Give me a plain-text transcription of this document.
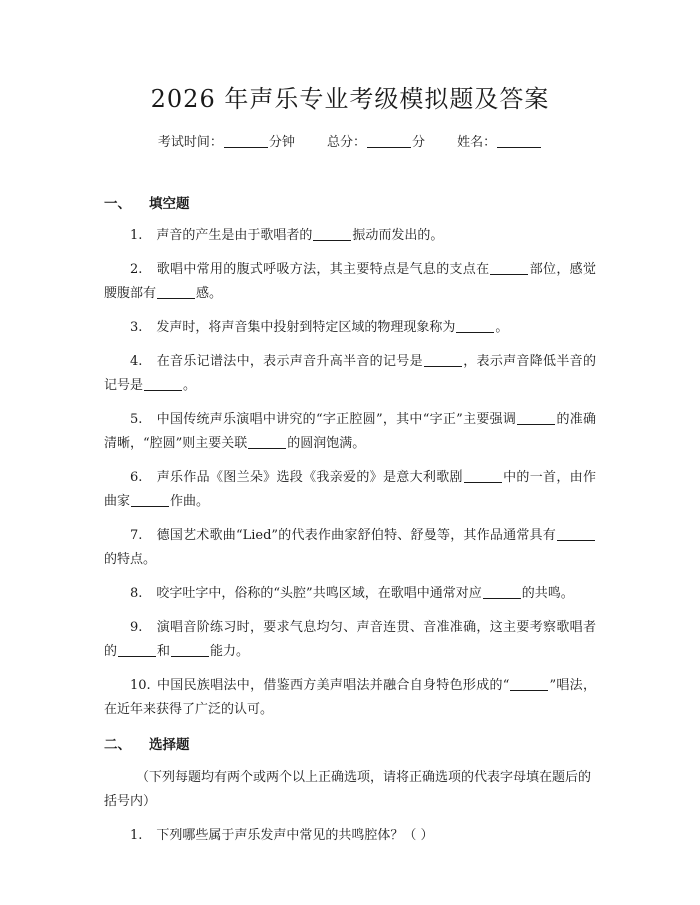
2026 年声乐专业考级模拟题及答案
考试时间：	分钟 总分：	分 姓名：
一、 填空题

1. 声音的产生是由于歌唱者的	振动而发出的。

2. 歌唱中常用的腹式呼吸方法，其主要特点是气息的支点在	部位，感觉腰腹部有	感。

3. 发声时，将声音集中投射到特定区域的物理现象称为	。

4. 在音乐记谱法中，表示声音升高半音的记号是	，表示声音降低半音的记号是	。

5. 中国传统声乐演唱中讲究的“字正腔圆”，其中“字正”主要强调	的准确清晰，“腔圆”则主要关联	的圆润饱满。

6. 声乐作品《图兰朵》选段《我亲爱的》是意大利歌剧	中的一首，由作曲家	作曲。

7. 德国艺术歌曲“Lied”的代表作曲家舒伯特、舒曼等，其作品通常具有的特点。

8. 咬字吐字中，俗称的“头腔”共鸣区域，在歌唱中通常对应	的共鸣。

9. 演唱音阶练习时，要求气息均匀、声音连贯、音准准确，这主要考察歌唱者的	和	能力。

10. 中国民族唱法中，借鉴西方美声唱法并融合自身特色形成的“	”唱法，在近年来获得了广泛的认可。

二、 选择题

（下列每题均有两个或两个以上正确选项，请将正确选项的代表字母填在题后的括号内）

1. 下列哪些属于声乐发声中常见的共鸣腔体？（ ）
